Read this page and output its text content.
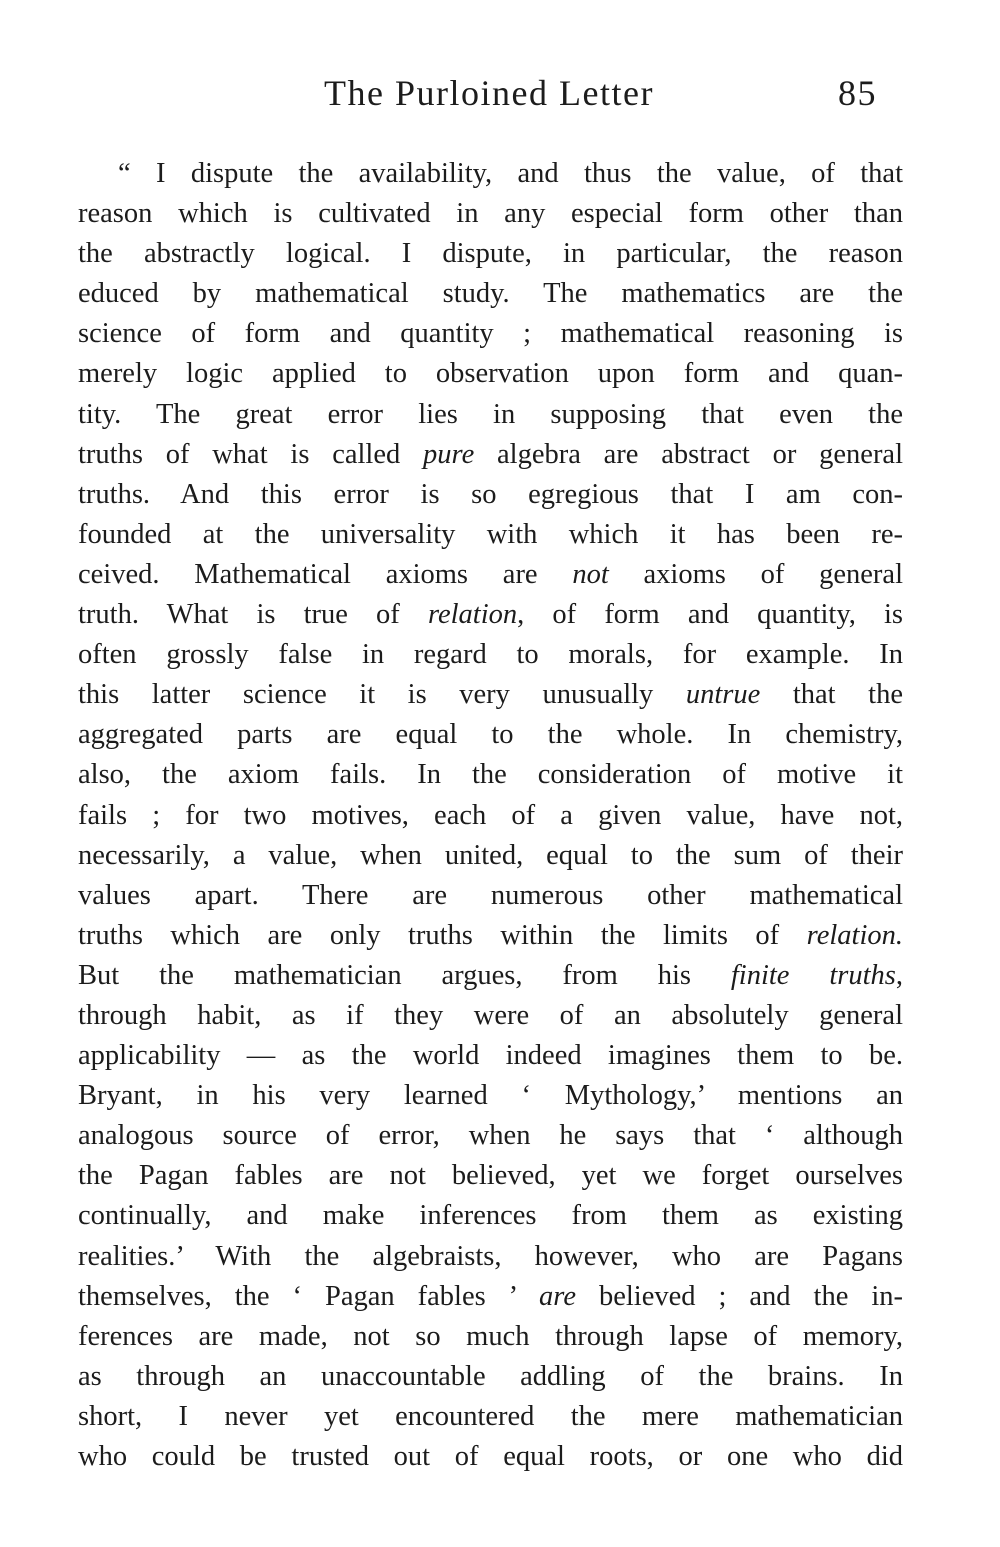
The Purloined Letter	85
“ I dispute the availability, and thus the value, of that
reason which is cultivated in any especial form other than
the abstractly logical. I dispute, in particular, the reason
educed by mathematical study. The mathematics are the
science of form and quantity ; mathematical reasoning is
merely logic applied to observation upon form and quan-
tity. The great error lies in supposing that even the
truths of what is called pure algebra are abstract or general
truths. And this error is so egregious that I am con-
founded at the universality with which it has been re-
ceived. Mathematical axioms are not axioms of general
truth. What is true of relation, of form and quantity, is
often grossly false in regard to morals, for example. In
this latter science it is very unusually untrue that the
aggregated parts are equal to the whole. In chemistry,
also, the axiom fails. In the consideration of motive it
fails ; for two motives, each of a given value, have not,
necessarily, a value, when united, equal to the sum of their
values apart. There are numerous other mathematical
truths which are only truths within the limits of relation.
But the mathematician argues, from his finite truths,
through habit, as if they were of an absolutely general
applicability — as the world indeed imagines them to be.
Bryant, in his very learned ‘ Mythology,’ mentions an
analogous source of error, when he says that ‘ although
the Pagan fables are not believed, yet we forget ourselves
continually, and make inferences from them as existing
realities.’ With the algebraists, however, who are Pagans
themselves, the ‘ Pagan fables ’ are believed ; and the in-
ferences are made, not so much through lapse of memory,
as through an unaccountable addling of the brains. In
short, I never yet encountered the mere mathematician
who could be trusted out of equal roots, or one who did
